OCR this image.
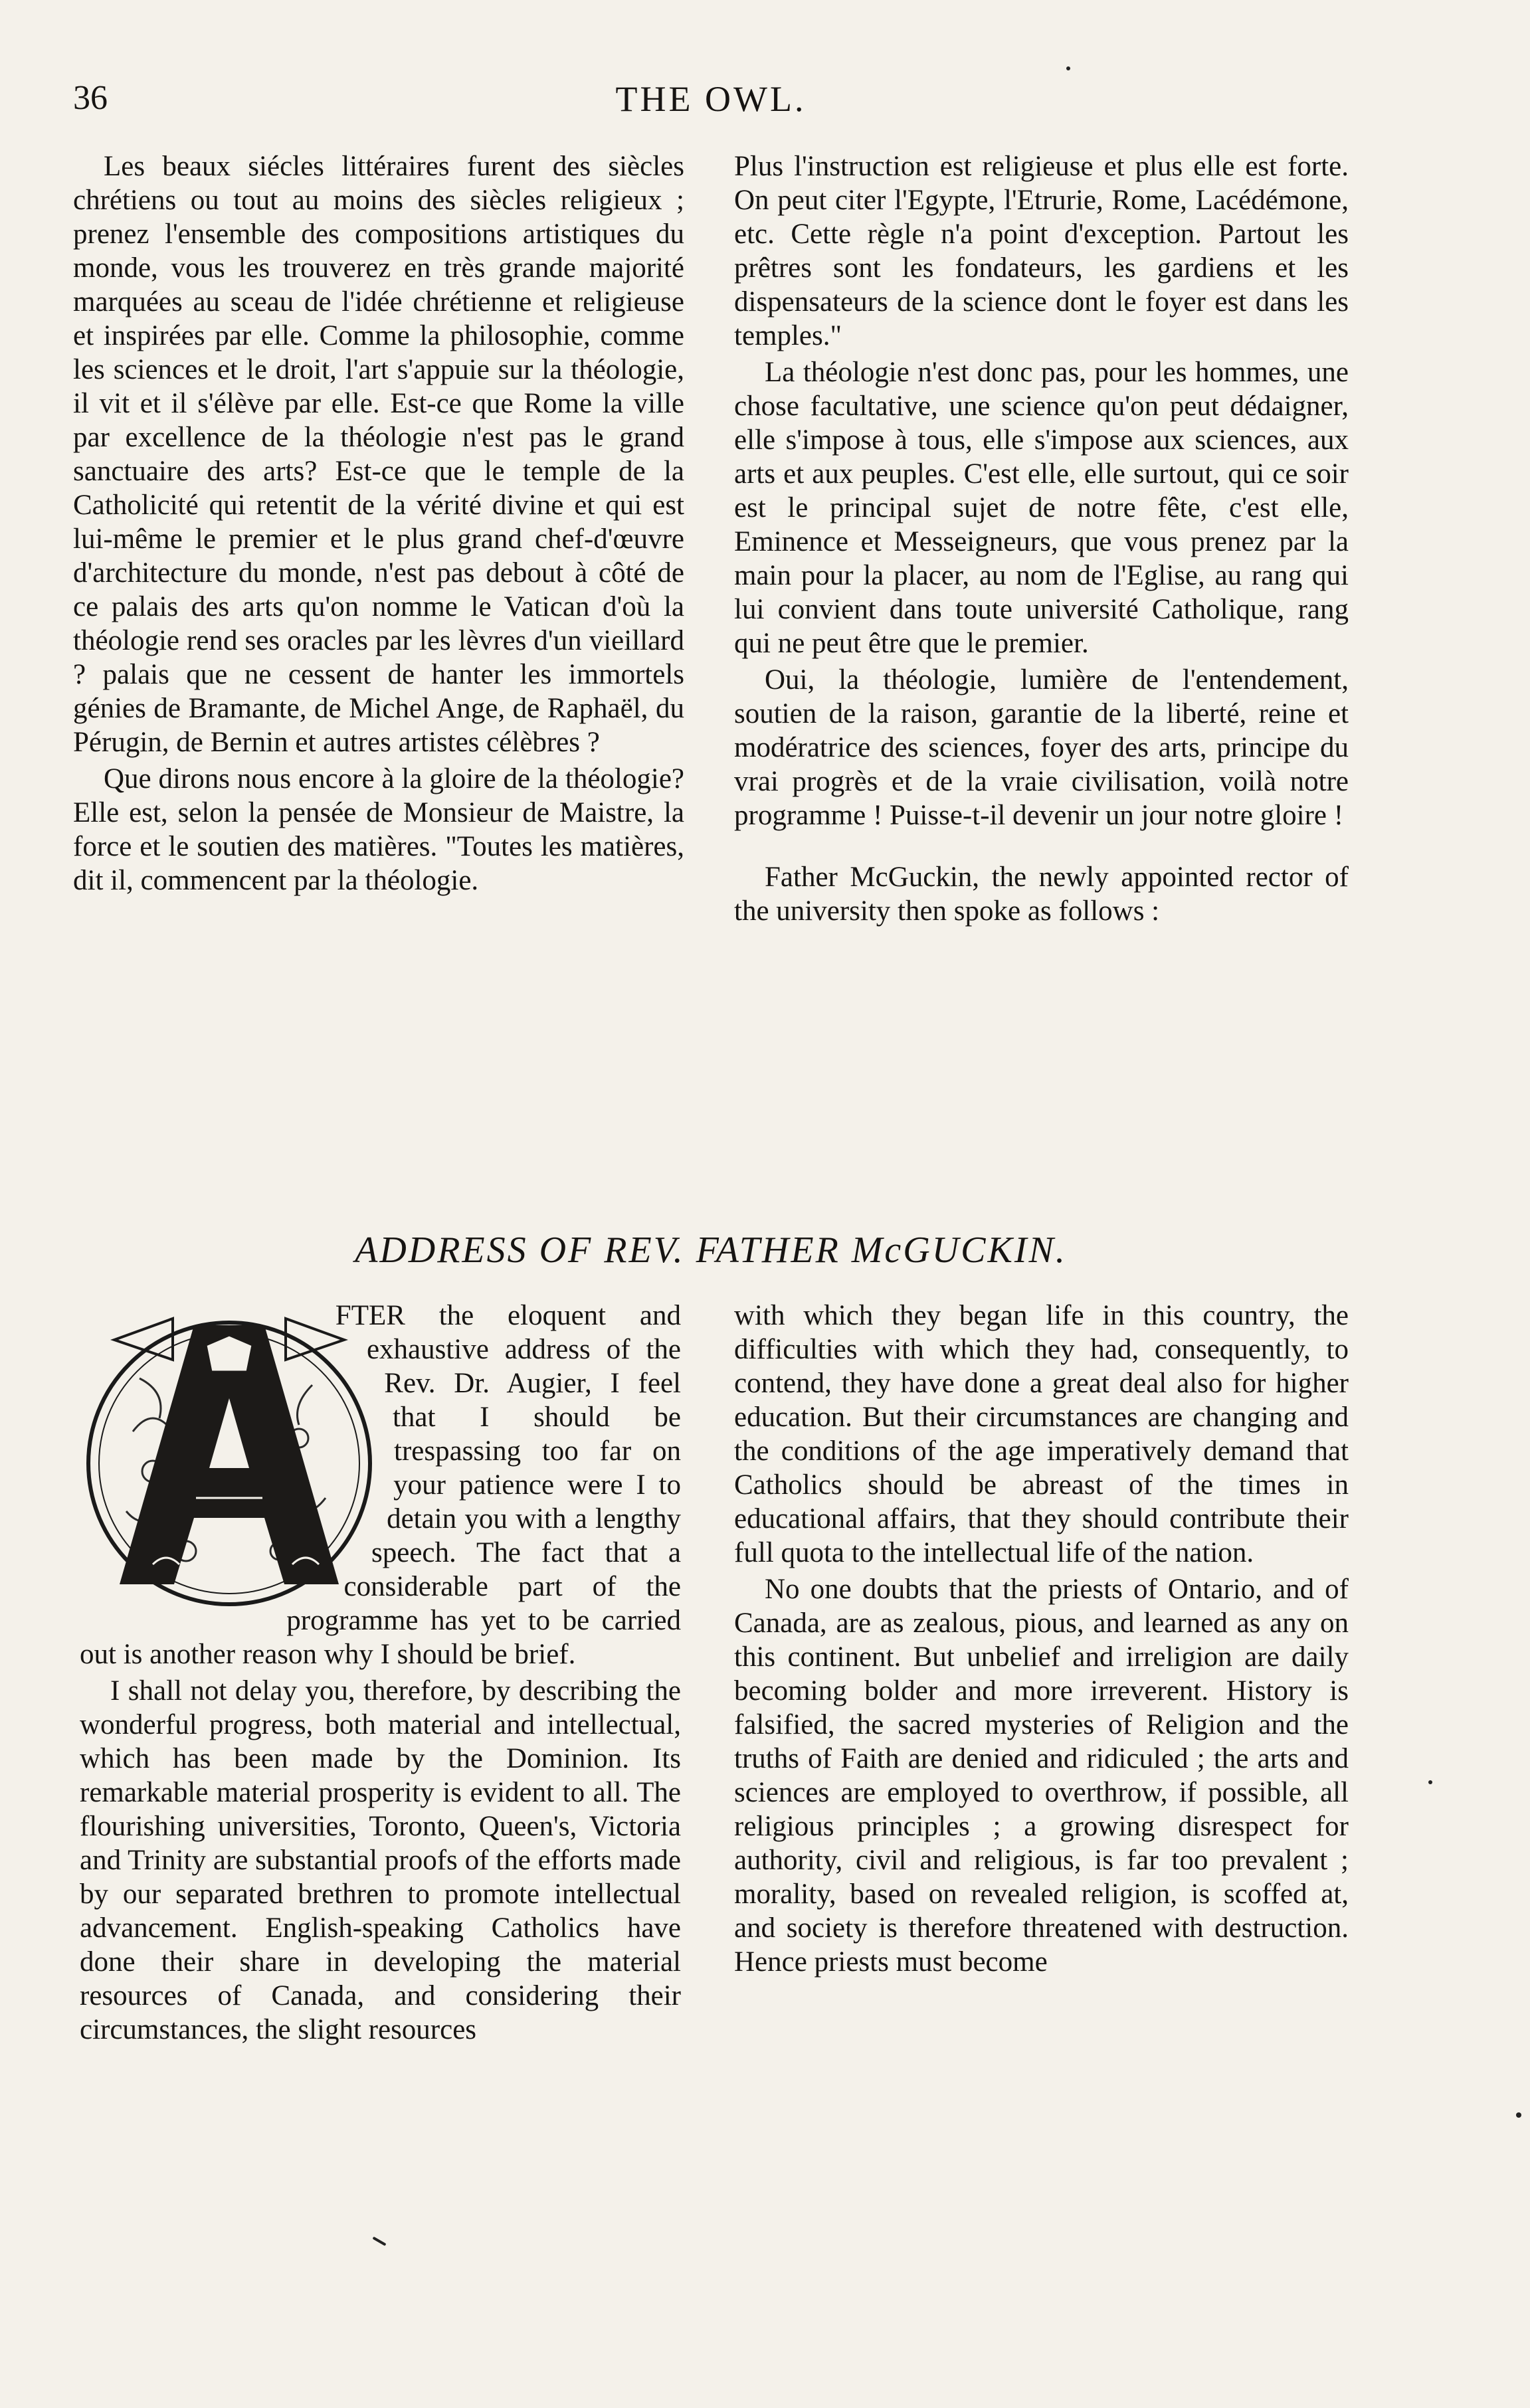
36	THE OWL.

Les beaux siécles littéraires furent des siècles chrétiens ou tout au moins des siècles religieux ; prenez l'ensemble des compositions artistiques du monde, vous les trouverez en très grande majorité marquées au sceau de l'idée chrétienne et religieuse et inspirées par elle. Comme la philosophie, comme les sciences et le droit, l'art s'appuie sur la théologie, il vit et il s'élève par elle. Est-ce que Rome la ville par excellence de la théologie n'est pas le grand sanctuaire des arts? Est-ce que le temple de la Catholicité qui retentit de la vérité divine et qui est lui-même le premier et le plus grand chef-d'œuvre d'architecture du monde, n'est pas debout à côté de ce palais des arts qu'on nomme le Vatican d'où la théologie rend ses oracles par les lèvres d'un vieillard ? palais que ne cessent de hanter les immortels génies de Bramante, de Michel Ange, de Raphaël, du Pérugin, de Bernin et autres artistes célèbres ?

Que dirons nous encore à la gloire de la théologie? Elle est, selon la pensée de Monsieur de Maistre, la force et le soutien des matières. "Toutes les matières, dit il, commencent par la théologie.

Plus l'instruction est religieuse et plus elle est forte. On peut citer l'Egypte, l'Etrurie, Rome, Lacédémone, etc. Cette règle n'a point d'exception. Partout les prêtres sont les fondateurs, les gardiens et les dispensateurs de la science dont le foyer est dans les temples."

La théologie n'est donc pas, pour les hommes, une chose facultative, une science qu'on peut dédaigner, elle s'impose à tous, elle s'impose aux sciences, aux arts et aux peuples. C'est elle, elle surtout, qui ce soir est le principal sujet de notre fête, c'est elle, Eminence et Messeigneurs, que vous prenez par la main pour la placer, au nom de l'Eglise, au rang qui lui convient dans toute université Catholique, rang qui ne peut être que le premier.

Oui, la théologie, lumière de l'entendement, soutien de la raison, garantie de la liberté, reine et modératrice des sciences, foyer des arts, principe du vrai progrès et de la vraie civilisation, voilà notre programme ! Puisse-t-il devenir un jour notre gloire !

Father McGuckin, the newly appointed rector of the university then spoke as follows :

ADDRESS OF REV. FATHER McGUCKIN.

FTER the eloquent and exhaustive address of the Rev. Dr. Augier, I feel that I should be trespassing too far on your patience were I to detain you with a lengthy speech. The fact that a considerable part of the programme has yet to be carried out is another reason why I should be brief.

I shall not delay you, therefore, by describing the wonderful progress, both material and intellectual, which has been made by the Dominion. Its remarkable material prosperity is evident to all. The flourishing universities, Toronto, Queen's, Victoria and Trinity are substantial proofs of the efforts made by our separated brethren to promote intellectual advancement. English-speaking Catholics have done their share in developing the material resources of Canada, and considering their circumstances, the slight resources

with which they began life in this country, the difficulties with which they had, consequently, to contend, they have done a great deal also for higher education. But their circumstances are changing and the conditions of the age imperatively demand that Catholics should be abreast of the times in educational affairs, that they should contribute their full quota to the intellectual life of the nation.

No one doubts that the priests of Ontario, and of Canada, are as zealous, pious, and learned as any on this continent. But unbelief and irreligion are daily becoming bolder and more irreverent. History is falsified, the sacred mysteries of Religion and the truths of Faith are denied and ridiculed ; the arts and sciences are employed to overthrow, if possible, all religious principles ; a growing disrespect for authority, civil and religious, is far too prevalent ; morality, based on revealed religion, is scoffed at, and society is therefore threatened with destruction. Hence priests must become
